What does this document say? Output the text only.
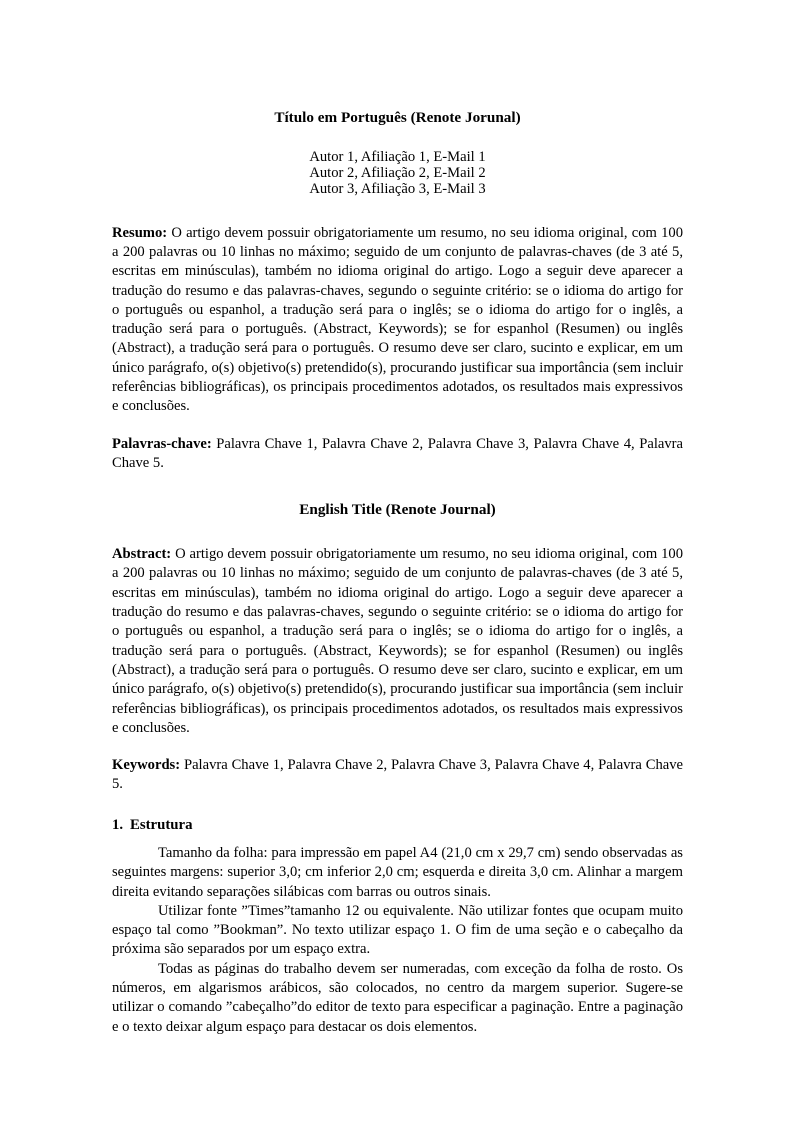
Título em Português (Renote Jorunal)
Autor 1, Afiliação 1, E-Mail 1
Autor 2, Afiliação 2, E-Mail 2
Autor 3, Afiliação 3, E-Mail 3
Resumo: O artigo devem possuir obrigatoriamente um resumo, no seu idioma original, com 100 a 200 palavras ou 10 linhas no máximo; seguido de um conjunto de palavras-chaves (de 3 até 5, escritas em minúsculas), também no idioma original do artigo. Logo a seguir deve aparecer a tradução do resumo e das palavras-chaves, segundo o seguinte critério: se o idioma do artigo for o português ou espanhol, a tradução será para o inglês; se o idioma do artigo for o inglês, a tradução será para o português. (Abstract, Keywords); se for espanhol (Resumen) ou inglês (Abstract), a tradução será para o português. O resumo deve ser claro, sucinto e explicar, em um único parágrafo, o(s) objetivo(s) pretendido(s), procurando justificar sua importância (sem incluir referências bibliográficas), os principais procedimentos adotados, os resultados mais expressivos e conclusões.
Palavras-chave: Palavra Chave 1, Palavra Chave 2, Palavra Chave 3, Palavra Chave 4, Palavra Chave 5.
English Title (Renote Journal)
Abstract: O artigo devem possuir obrigatoriamente um resumo, no seu idioma original, com 100 a 200 palavras ou 10 linhas no máximo; seguido de um conjunto de palavras-chaves (de 3 até 5, escritas em minúsculas), também no idioma original do artigo. Logo a seguir deve aparecer a tradução do resumo e das palavras-chaves, segundo o seguinte critério: se o idioma do artigo for o português ou espanhol, a tradução será para o inglês; se o idioma do artigo for o inglês, a tradução será para o português. (Abstract, Keywords); se for espanhol (Resumen) ou inglês (Abstract), a tradução será para o português. O resumo deve ser claro, sucinto e explicar, em um único parágrafo, o(s) objetivo(s) pretendido(s), procurando justificar sua importância (sem incluir referências bibliográficas), os principais procedimentos adotados, os resultados mais expressivos e conclusões.
Keywords: Palavra Chave 1, Palavra Chave 2, Palavra Chave 3, Palavra Chave 4, Palavra Chave 5.
1. Estrutura

Tamanho da folha: para impressão em papel A4 (21,0 cm x 29,7 cm) sendo observadas as seguintes margens: superior 3,0; cm inferior 2,0 cm; esquerda e direita 3,0 cm. Alinhar a margem direita evitando separações silábicas com barras ou outros sinais.

Utilizar fonte ”Times”tamanho 12 ou equivalente. Não utilizar fontes que ocupam muito espaço tal como ”Bookman”. No texto utilizar espaço 1. O fim de uma seção e o cabeçalho da próxima são separados por um espaço extra.

Todas as páginas do trabalho devem ser numeradas, com exceção da folha de rosto. Os números, em algarismos arábicos, são colocados, no centro da margem superior. Sugere-se utilizar o comando ”cabeçalho”do editor de texto para especificar a paginação. Entre a paginação e o texto deixar algum espaço para destacar os dois elementos.
